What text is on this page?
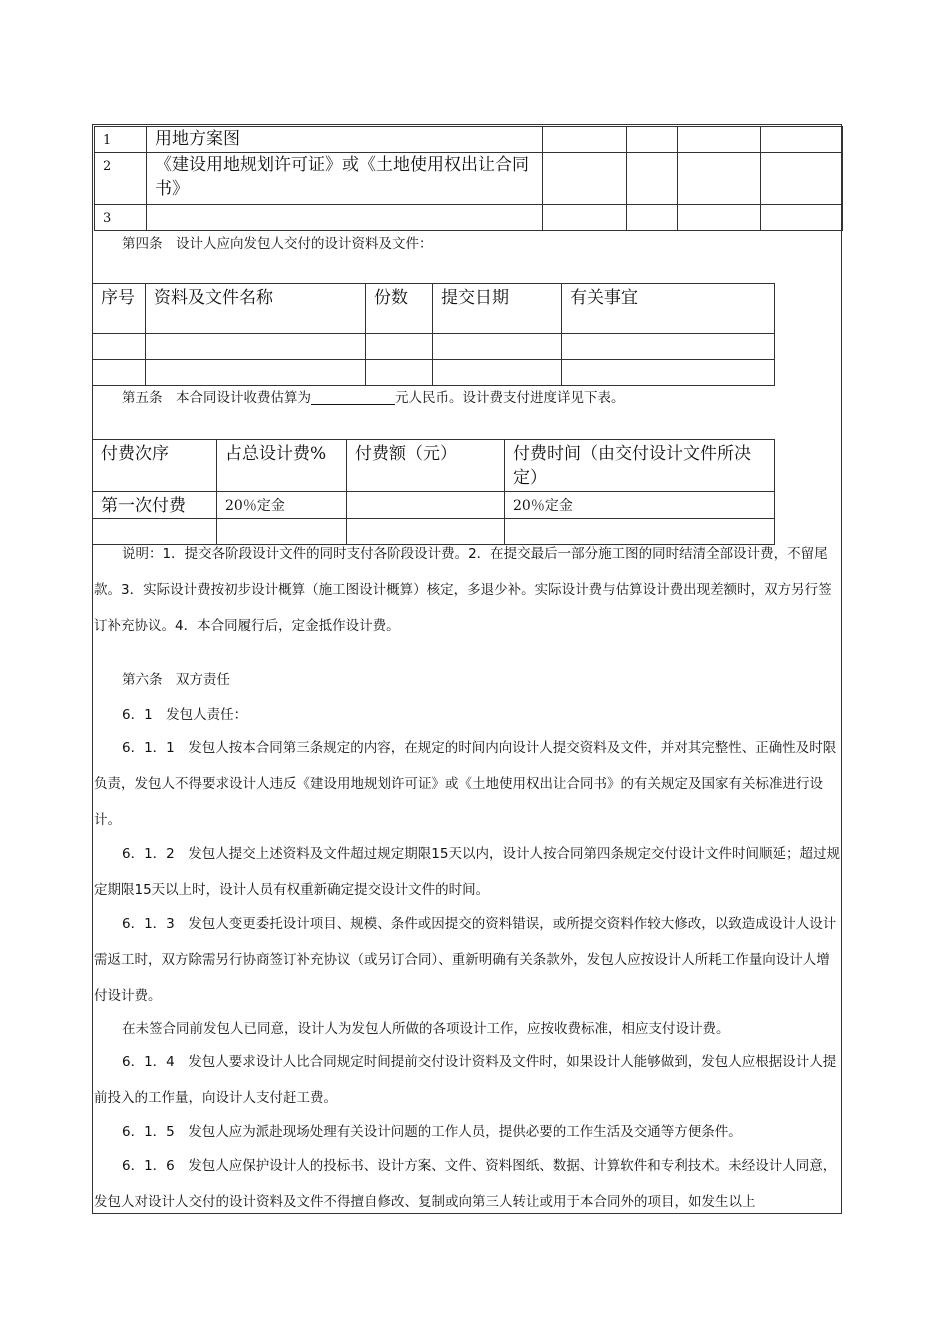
1	用地方案图				
2	《建设用地规划许可证》或《土地使用权出让合同书》				
3					

第四条　设计人应向发包人交付的设计资料及文件：

序号	资料及文件名称	份数	提交日期	有关事宜

第五条　本合同设计收费估算为	元人民币。设计费支付进度详见下表。

付费次序	占总设计费%	付费额（元）	付费时间（由交付设计文件所决定）
第一次付费	20％定金		20％定金

说明：1．提交各阶段设计文件的同时支付各阶段设计费。2．在提交最后一部分施工图的同时结清全部设计费，不留尾款。3．实际设计费按初步设计概算（施工图设计概算）核定，多退少补。实际设计费与估算设计费出现差额时，双方另行签订补充协议。4．本合同履行后，定金抵作设计费。

第六条　双方责任

6．1　发包人责任：

6．1．1　发包人按本合同第三条规定的内容，在规定的时间内向设计人提交资料及文件，并对其完整性、正确性及时限负责，发包人不得要求设计人违反《建设用地规划许可证》或《土地使用权出让合同书》的有关规定及国家有关标准进行设计。

6．1．2　发包人提交上述资料及文件超过规定期限15天以内，设计人按合同第四条规定交付设计文件时间顺延；超过规定期限15天以上时，设计人员有权重新确定提交设计文件的时间。

6．1．3　发包人变更委托设计项目、规模、条件或因提交的资料错误，或所提交资料作较大修改，以致造成设计人设计需返工时，双方除需另行协商签订补充协议（或另订合同）、重新明确有关条款外，发包人应按设计人所耗工作量向设计人增付设计费。

在未签合同前发包人已同意，设计人为发包人所做的各项设计工作，应按收费标准，相应支付设计费。

6．1．4　发包人要求设计人比合同规定时间提前交付设计资料及文件时，如果设计人能够做到，发包人应根据设计人提前投入的工作量，向设计人支付赶工费。

6．1．5　发包人应为派赴现场处理有关设计问题的工作人员，提供必要的工作生活及交通等方便条件。

6．1．6　发包人应保护设计人的投标书、设计方案、文件、资料图纸、数据、计算软件和专利技术。未经设计人同意，发包人对设计人交付的设计资料及文件不得擅自修改、复制或向第三人转让或用于本合同外的项目，如发生以上
